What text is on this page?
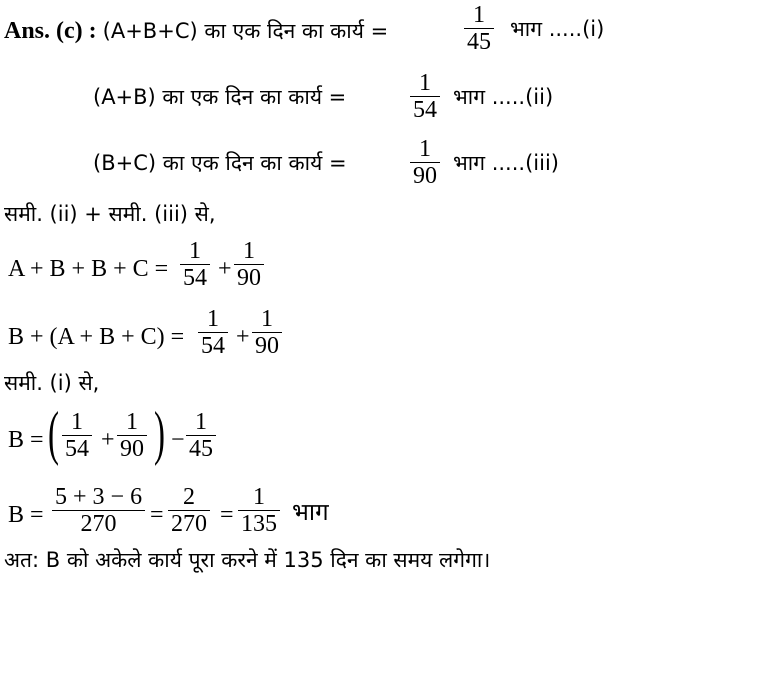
Ans. (c) : (A+B+C) का एक दिन का कार्य =
1
45 भाग .....(i)
(A+B) का एक दिन का कार्य =
1
54 भाग .....(ii)
(B+C) का एक दिन का कार्य =
1
90 भाग .....(iii)
समी. (ii) + समी. (iii) से,
A + B + B + C =
1
54 +
1
90
B + (A + B + C) =
1
54 +
1
90
समी. (i) से,
B = ( 1
54 +
1
90 ) −
1
45
B =
5 + 3 − 6
270	=
2
270 =
1
135 भाग
अत: B को अकेले कार्य पूरा करने में 135 दिन का समय लगेगा।
